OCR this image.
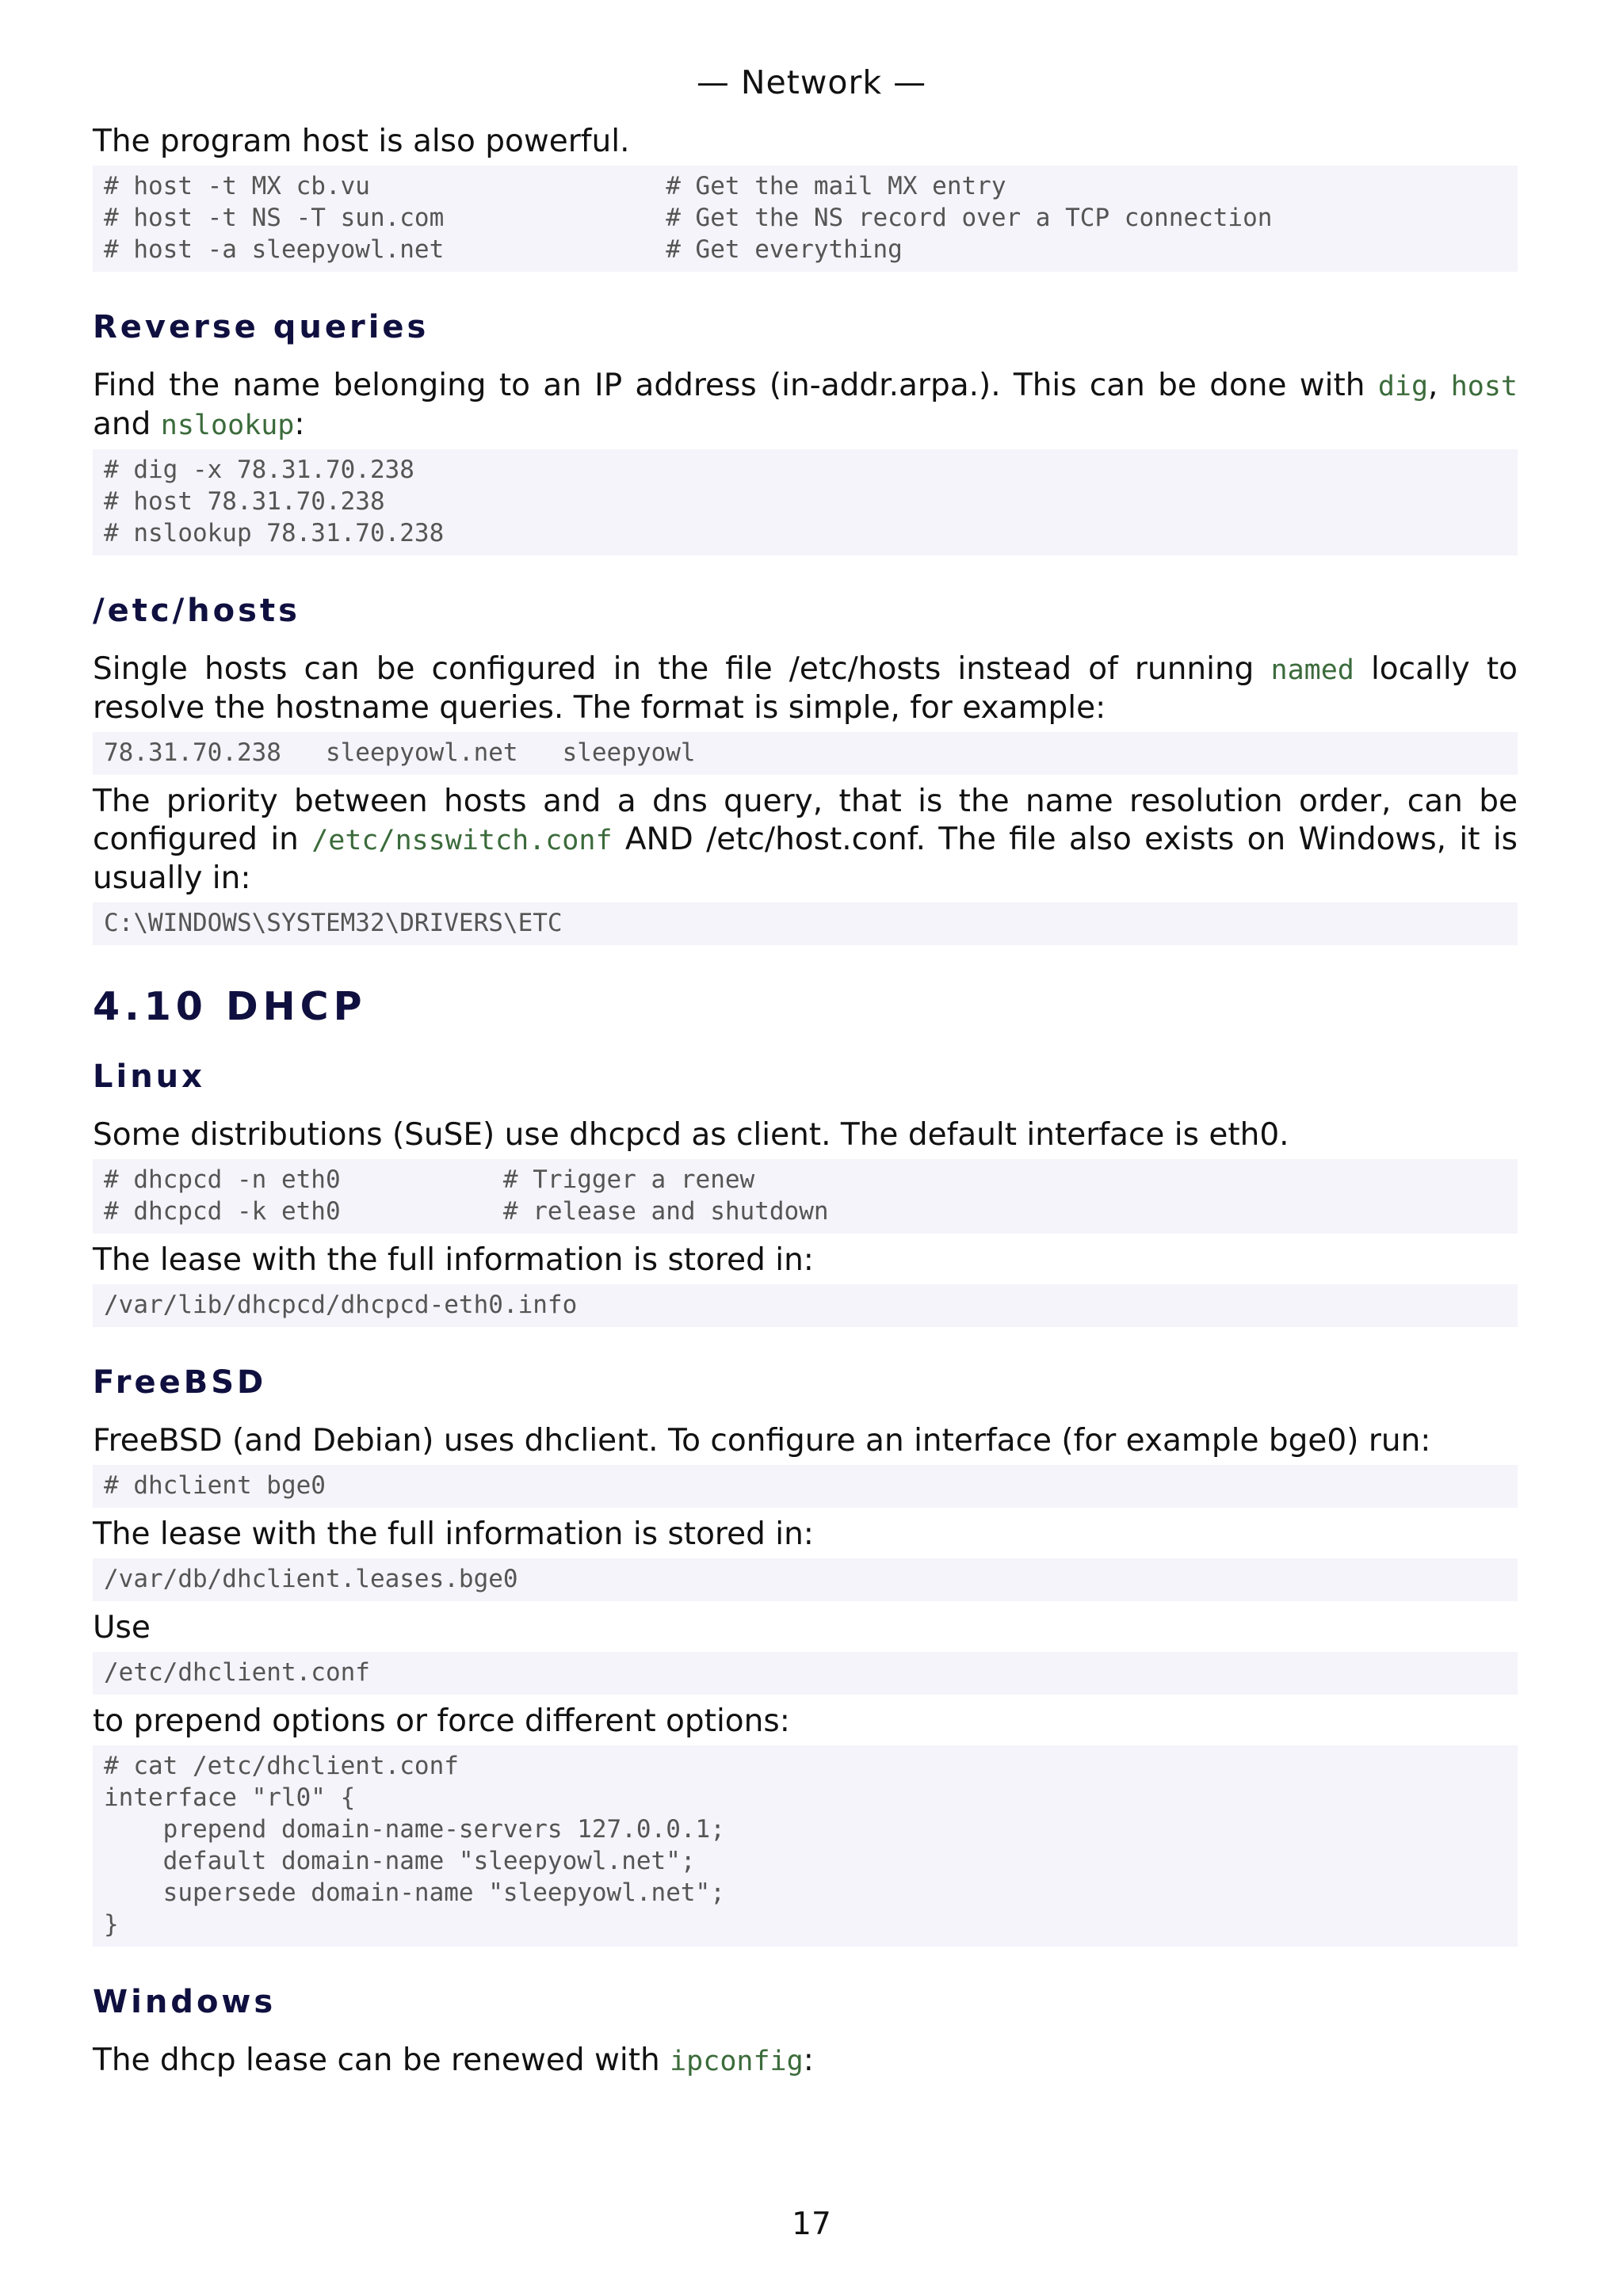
— Network —

The program host is also powerful.

# host -t MX cb.vu                    # Get the mail MX entry
# host -t NS -T sun.com               # Get the NS record over a TCP connection
# host -a sleepyowl.net               # Get everything
Reverse queries

Find the name belonging to an IP address (in-addr.arpa.). This can be done with dig, host and nslookup:

# dig -x 78.31.70.238
# host 78.31.70.238
# nslookup 78.31.70.238
/etc/hosts

Single hosts can be configured in the file /etc/hosts instead of running named locally to resolve the hostname queries. The format is simple, for example:

78.31.70.238   sleepyowl.net   sleepyowl

The priority between hosts and a dns query, that is the name resolution order, can be configured in /etc/nsswitch.conf AND /etc/host.conf. The file also exists on Windows, it is usually in:

C:\WINDOWS\SYSTEM32\DRIVERS\ETC
4.10 DHCP
Linux

Some distributions (SuSE) use dhcpcd as client. The default interface is eth0.

# dhcpcd -n eth0           # Trigger a renew
# dhcpcd -k eth0           # release and shutdown

The lease with the full information is stored in:

/var/lib/dhcpcd/dhcpcd-eth0.info
FreeBSD

FreeBSD (and Debian) uses dhclient. To configure an interface (for example bge0) run:

# dhclient bge0

The lease with the full information is stored in:

/var/db/dhclient.leases.bge0

Use

/etc/dhclient.conf

to prepend options or force different options:

# cat /etc/dhclient.conf
interface "rl0" {
prepend domain-name-servers 127.0.0.1;
default domain-name "sleepyowl.net";
supersede domain-name "sleepyowl.net";
}
Windows

The dhcp lease can be renewed with ipconfig:

17
